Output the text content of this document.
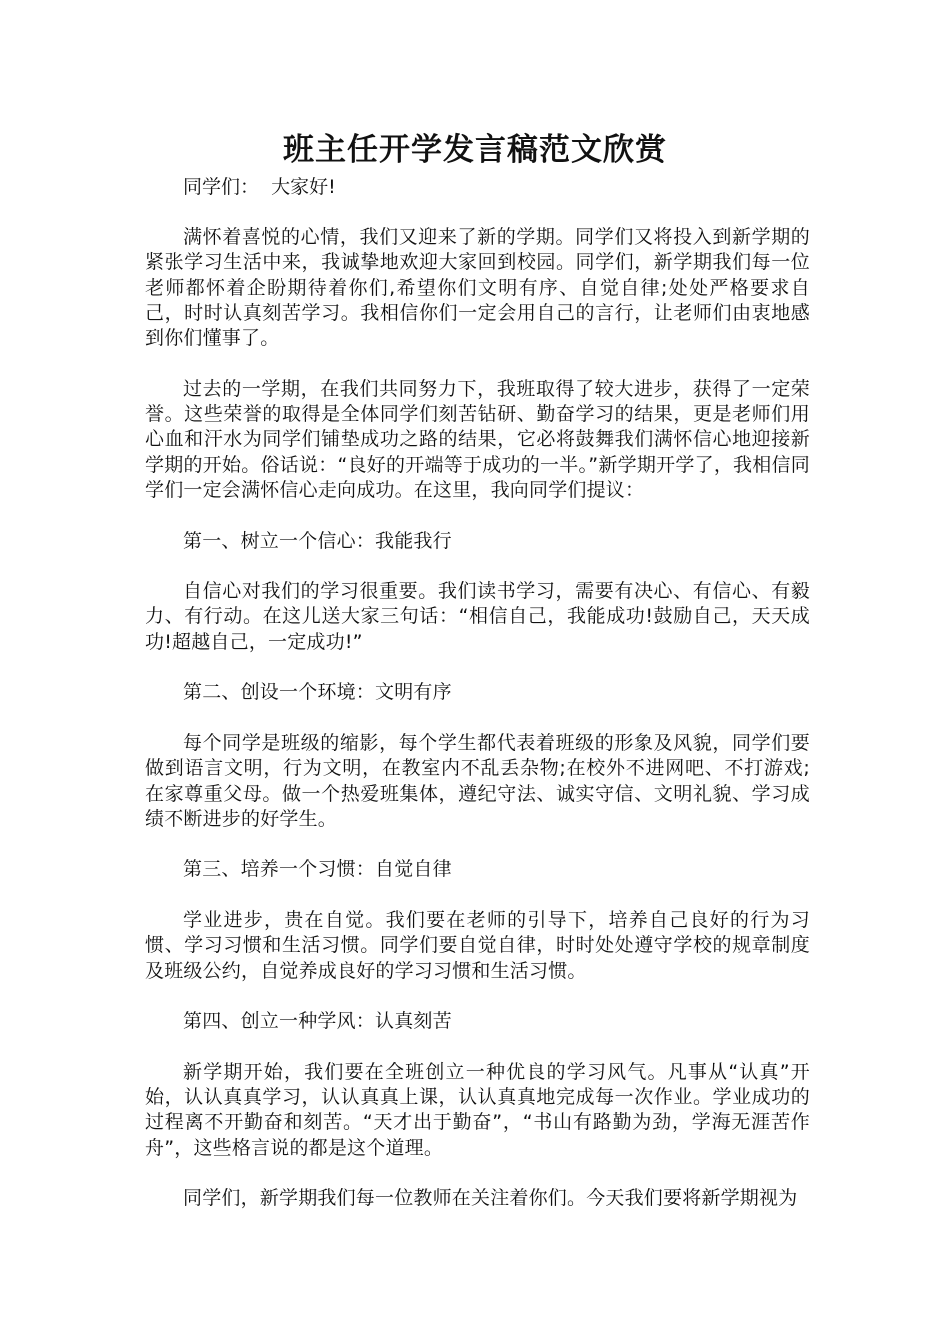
班主任开学发言稿范文欣赏

同学们：  大家好!

满怀着喜悦的心情，我们又迎来了新的学期。同学们又将投入到新学期的紧张学习生活中来，我诚挚地欢迎大家回到校园。同学们，新学期我们每一位老师都怀着企盼期待着你们,希望你们文明有序、自觉自律;处处严格要求自己，时时认真刻苦学习。我相信你们一定会用自己的言行，让老师们由衷地感到你们懂事了。

过去的一学期，在我们共同努力下，我班取得了较大进步，获得了一定荣誉。这些荣誉的取得是全体同学们刻苦钻研、勤奋学习的结果，更是老师们用心血和汗水为同学们铺垫成功之路的结果，它必将鼓舞我们满怀信心地迎接新学期的开始。俗话说：“良好的开端等于成功的一半。”新学期开学了，我相信同学们一定会满怀信心走向成功。在这里，我向同学们提议：

第一、树立一个信心：我能我行

自信心对我们的学习很重要。我们读书学习，需要有决心、有信心、有毅力、有行动。在这儿送大家三句话：“相信自己，我能成功!鼓励自己，天天成功!超越自己，一定成功!”

第二、创设一个环境：文明有序

每个同学是班级的缩影，每个学生都代表着班级的形象及风貌，同学们要做到语言文明，行为文明，在教室内不乱丢杂物;在校外不进网吧、不打游戏;在家尊重父母。做一个热爱班集体，遵纪守法、诚实守信、文明礼貌、学习成绩不断进步的好学生。

第三、培养一个习惯：自觉自律

学业进步，贵在自觉。我们要在老师的引导下，培养自己良好的行为习惯、学习习惯和生活习惯。同学们要自觉自律，时时处处遵守学校的规章制度及班级公约，自觉养成良好的学习习惯和生活习惯。

第四、创立一种学风：认真刻苦

新学期开始，我们要在全班创立一种优良的学习风气。凡事从“认真”开始，认认真真学习，认认真真上课，认认真真地完成每一次作业。学业成功的过程离不开勤奋和刻苦。“天才出于勤奋”，“书山有路勤为劲，学海无涯苦作舟”，这些格言说的都是这个道理。

同学们，新学期我们每一位教师在关注着你们。今天我们要将新学期视为
